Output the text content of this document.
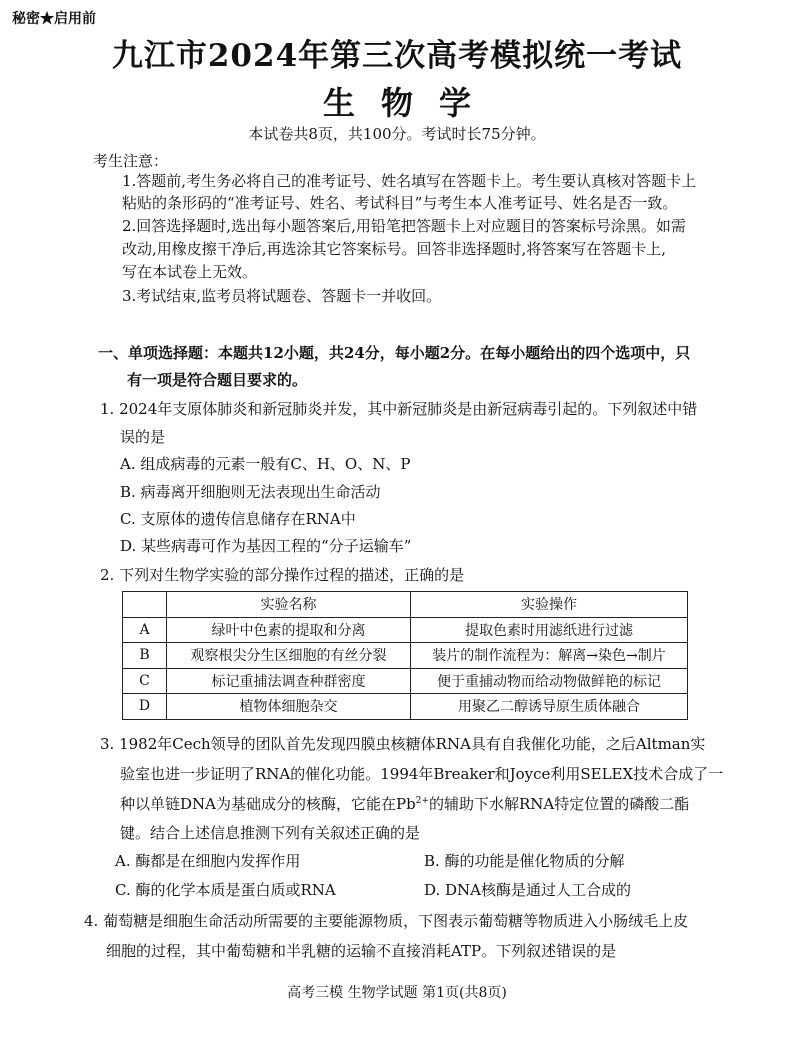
秘密★启用前
九江市2024年第三次高考模拟统一考试
生物学
本试卷共8页，共100分。考试时长75分钟。
考生注意：
1.答题前,考生务必将自己的准考证号、姓名填写在答题卡上。考生要认真核对答题卡上
粘贴的条形码的“准考证号、姓名、考试科目”与考生本人准考证号、姓名是否一致。
2.回答选择题时,选出每小题答案后,用铅笔把答题卡上对应题目的答案标号涂黑。如需
改动,用橡皮擦干净后,再选涂其它答案标号。回答非选择题时,将答案写在答题卡上,
写在本试卷上无效。
3.考试结束,监考员将试题卷、答题卡一并收回。
一、单项选择题：本题共12小题，共24分，每小题2分。在每小题给出的四个选项中，只
有一项是符合题目要求的。
1. 2024年支原体肺炎和新冠肺炎并发，其中新冠肺炎是由新冠病毒引起的。下列叙述中错
误的是
A. 组成病毒的元素一般有C、H、O、N、P
B. 病毒离开细胞则无法表现出生命活动
C. 支原体的遗传信息储存在RNA中
D. 某些病毒可作为基因工程的“分子运输车”
2. 下列对生物学实验的部分操作过程的描述，正确的是
	实验名称	实验操作
A	绿叶中色素的提取和分离	提取色素时用滤纸进行过滤
B	观察根尖分生区细胞的有丝分裂	装片的制作流程为：解离→染色→制片
C	标记重捕法调查种群密度	便于重捕动物而给动物做鲜艳的标记
D	植物体细胞杂交	用聚乙二醇诱导原生质体融合
3. 1982年Cech领导的团队首先发现四膜虫核糖体RNA具有自我催化功能，之后Altman实
验室也进一步证明了RNA的催化功能。1994年Breaker和Joyce利用SELEX技术合成了一
种以单链DNA为基础成分的核酶，它能在$Pb^{2+}$的辅助下水解RNA特定位置的磷酸二酯
键。结合上述信息推测下列有关叙述正确的是
A. 酶都是在细胞内发挥作用	B. 酶的功能是催化物质的分解
C. 酶的化学本质是蛋白质或RNA	D. DNA核酶是通过人工合成的
4. 葡萄糖是细胞生命活动所需要的主要能源物质，下图表示葡萄糖等物质进入小肠绒毛上皮
细胞的过程，其中葡萄糖和半乳糖的运输不直接消耗ATP。下列叙述错误的是
高考三模 生物学试题 第1页(共8页)
